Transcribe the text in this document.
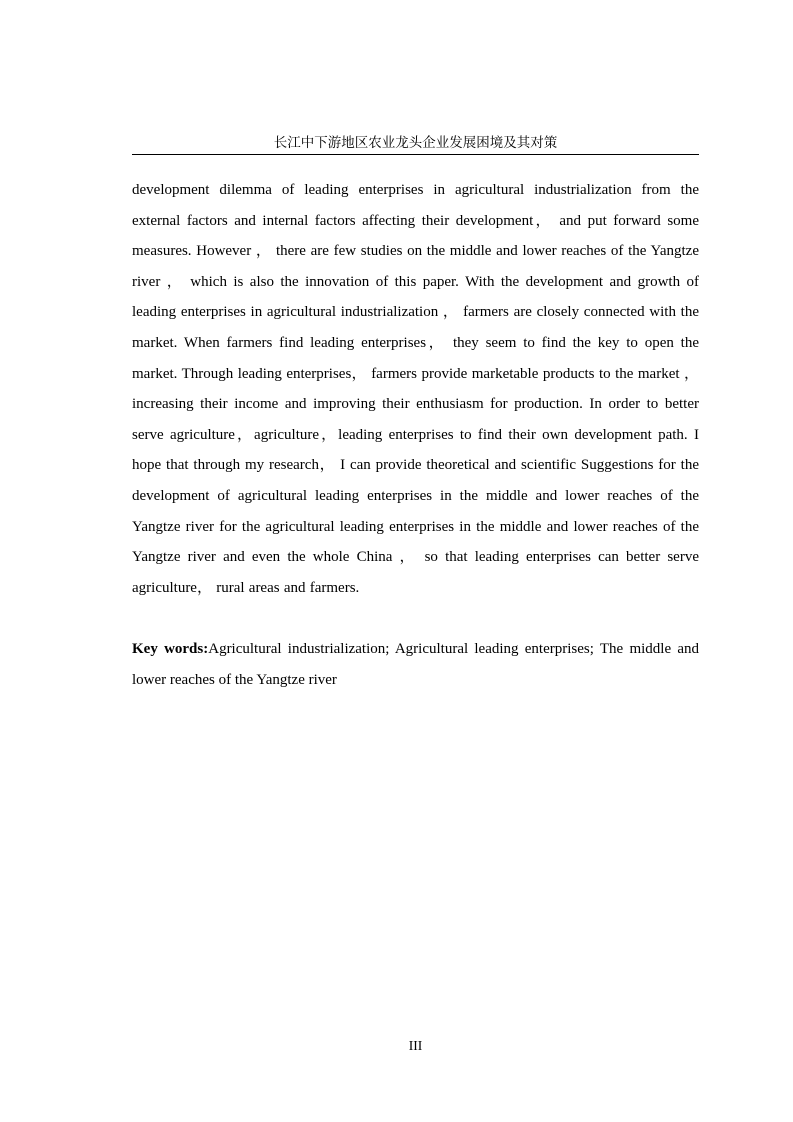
长江中下游地区农业龙头企业发展困境及其对策

development dilemma of leading enterprises in agricultural industrialization from the external factors and internal factors affecting their development， and put forward some measures. However ， there are few studies on the middle and lower reaches of the Yangtze river ， which is also the innovation of this paper. With the development and growth of leading enterprises in agricultural industrialization ， farmers are closely connected with the market. When farmers find leading enterprises， they seem to find the key to open the market. Through leading enterprises， farmers provide marketable products to the market ， increasing their income and improving their enthusiasm for production. In order to better serve agriculture，agriculture，leading enterprises to find their own development path. I hope that through my research， I can provide theoretical and scientific Suggestions for the development of agricultural leading enterprises in the middle and lower reaches of the Yangtze river for the agricultural leading enterprises in the middle and lower reaches of the Yangtze river and even the whole China ， so that leading enterprises can better serve agriculture， rural areas and farmers.

Key words:Agricultural industrialization; Agricultural leading enterprises; The middle and lower reaches of the Yangtze river

III
